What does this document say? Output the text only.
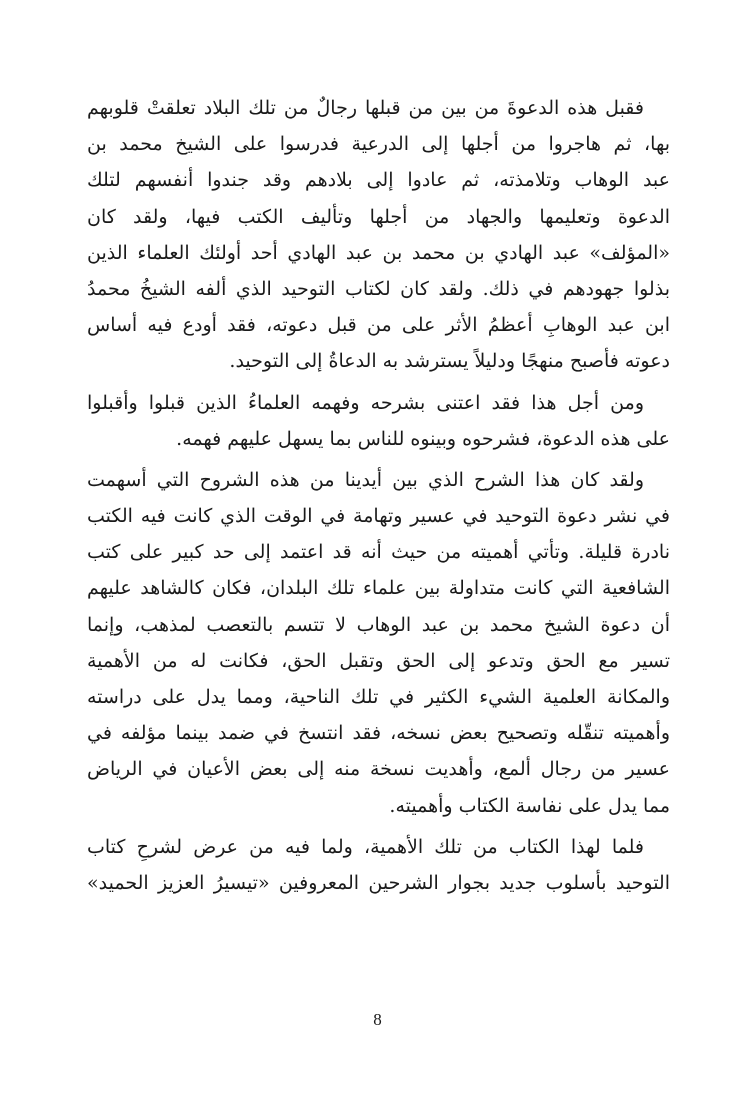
فقبل هذه الدعوةَ من بين من قبلها رجالٌ من تلك البلاد تعلقتْ قلوبهم
بها، ثم هاجروا من أجلها إلى الدرعية فدرسوا على الشيخ محمد بن
عبد الوهاب وتلامذته، ثم عادوا إلى بلادهم وقد جندوا أنفسهم لتلك
الدعوة وتعليمها والجهاد من أجلها وتأليف الكتب فيها، ولقد كان
«المؤلف» عبد الهادي بن محمد بن عبد الهادي أحد أولئك العلماء الذين
بذلوا جهودهم في ذلك. ولقد كان لكتاب التوحيد الذي ألفه الشيخُ محمدُ
ابن عبد الوهابِ أعظمُ الأثر على من قبل دعوته، فقد أودع فيه أساس
دعوته فأصبح منهجًا ودليلاً يسترشد به الدعاةُ إلى التوحيد.
ومن أجل هذا فقد اعتنى بشرحه وفهمه العلماءُ الذين قبلوا وأقبلوا
على هذه الدعوة، فشرحوه وبينوه للناس بما يسهل عليهم فهمه.
ولقد كان هذا الشرح الذي بين أيدينا من هذه الشروح التي أسهمت
في نشر دعوة التوحيد في عسير وتهامة في الوقت الذي كانت فيه الكتب
نادرة قليلة. وتأتي أهميته من حيث أنه قد اعتمد إلى حد كبير على كتب
الشافعية التي كانت متداولة بين علماء تلك البلدان، فكان كالشاهد عليهم
أن دعوة الشيخ محمد بن عبد الوهاب لا تتسم بالتعصب لمذهب، وإنما
تسير مع الحق وتدعو إلى الحق وتقبل الحق، فكانت له من الأهمية
والمكانة العلمية الشيء الكثير في تلك الناحية، ومما يدل على دراسته
وأهميته تنقّله وتصحيح بعض نسخه، فقد انتسخ في ضمد بينما مؤلفه في
عسير من رجال ألمع، وأهديت نسخة منه إلى بعض الأعيان في الرياض
مما يدل على نفاسة الكتاب وأهميته.
فلما لهذا الكتاب من تلك الأهمية، ولما فيه من عرض لشرحِ كتاب
التوحيد بأسلوب جديد بجوار الشرحين المعروفين «تيسيرُ العزيز الحميد»
8
